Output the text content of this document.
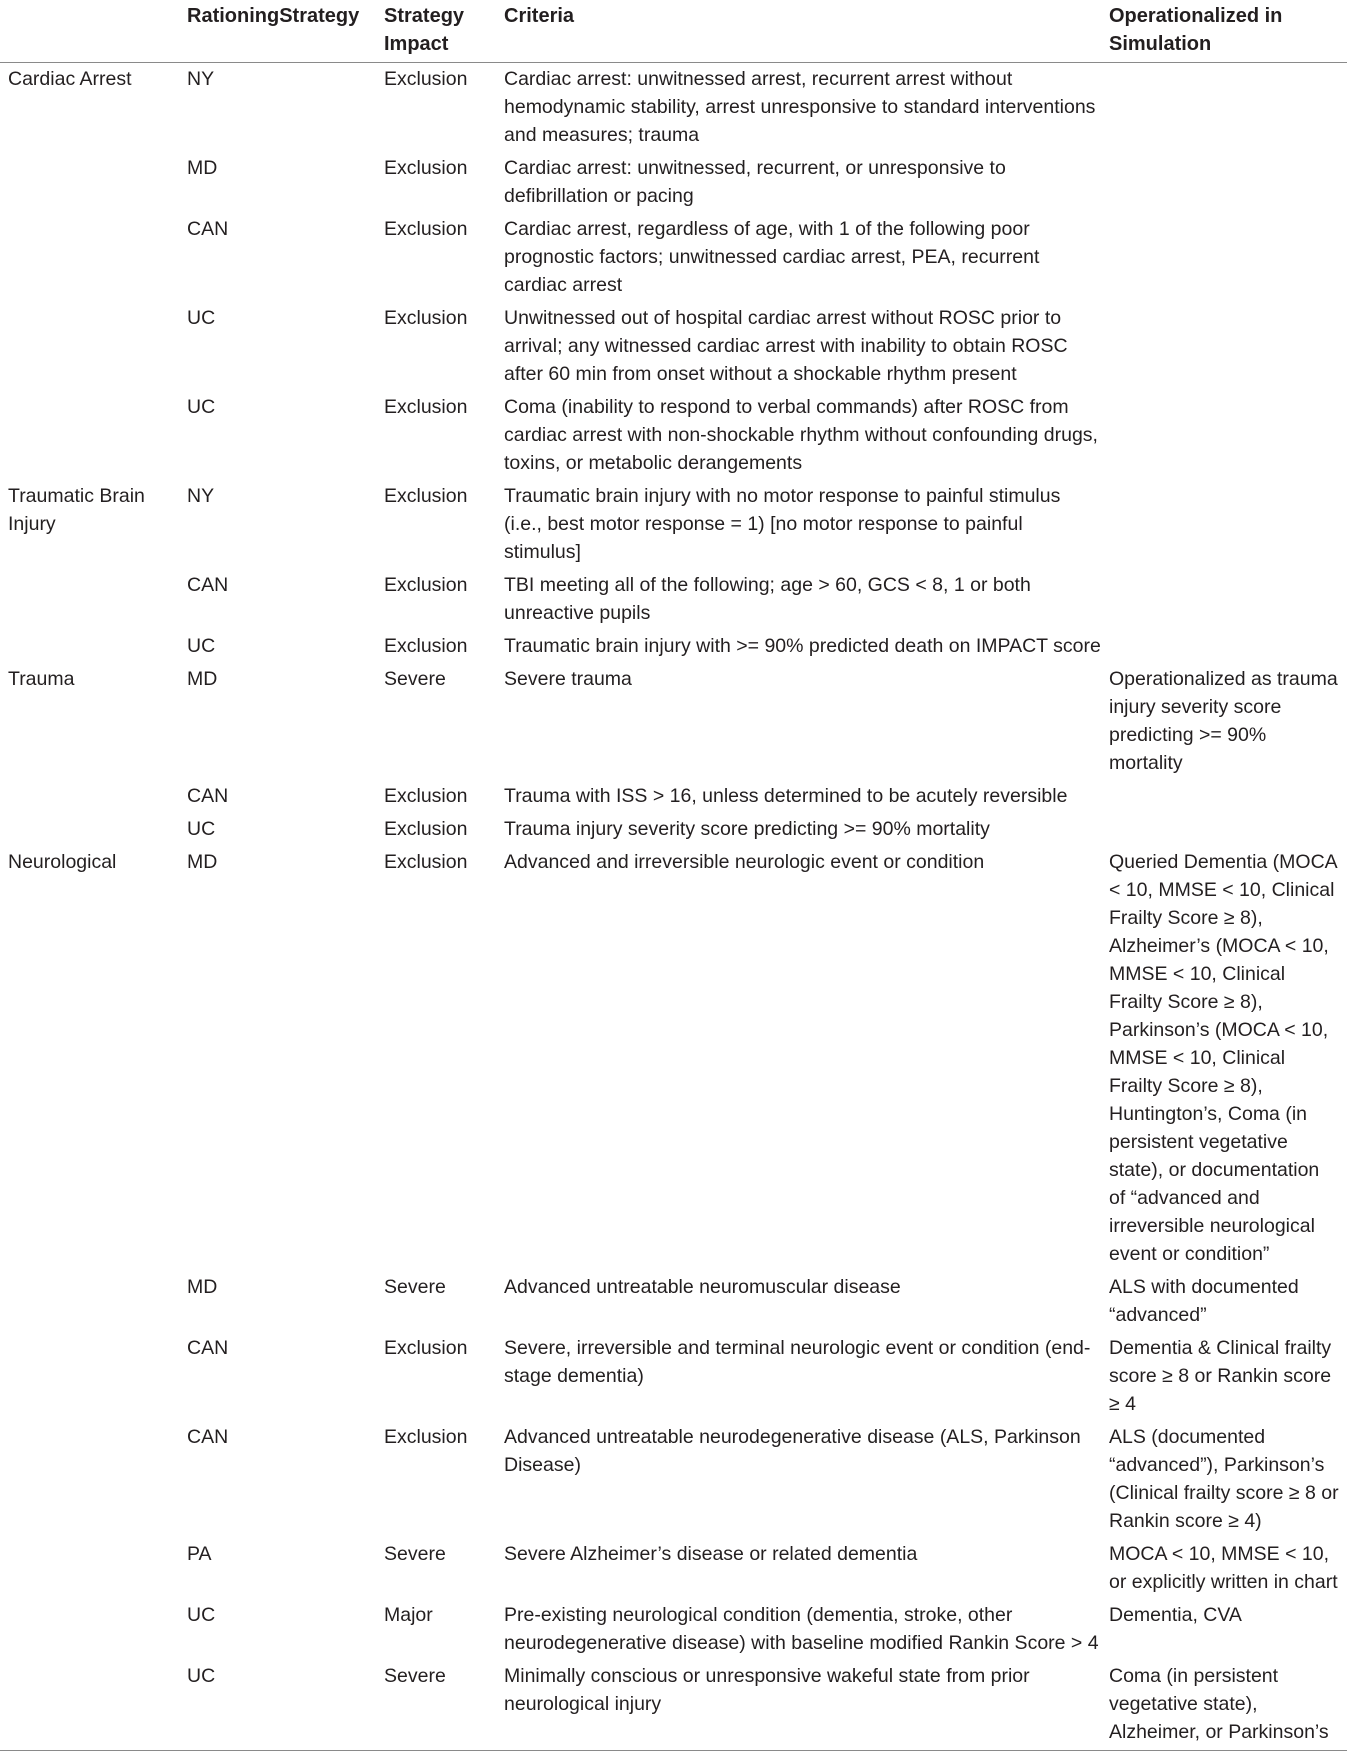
	RationingStrategy	Strategy Impact	Criteria	Operationalized in Simulation
Cardiac Arrest	NY	Exclusion	Cardiac arrest: unwitnessed arrest, recurrent arrest without hemodynamic stability, arrest unresponsive to standard interventions and measures; trauma	
	MD	Exclusion	Cardiac arrest: unwitnessed, recurrent, or unresponsive to defibrillation or pacing	
	CAN	Exclusion	Cardiac arrest, regardless of age, with 1 of the following poor prognostic factors; unwitnessed cardiac arrest, PEA, recurrent cardiac arrest	
	UC	Exclusion	Unwitnessed out of hospital cardiac arrest without ROSC prior to arrival; any witnessed cardiac arrest with inability to obtain ROSC after 60 min from onset without a shockable rhythm present	
	UC	Exclusion	Coma (inability to respond to verbal commands) after ROSC from cardiac arrest with non-shockable rhythm without confounding drugs, toxins, or metabolic derangements	
Traumatic Brain Injury	NY	Exclusion	Traumatic brain injury with no motor response to painful stimulus (i.e., best motor response = 1) [no motor response to painful stimulus]	
	CAN	Exclusion	TBI meeting all of the following; age > 60, GCS < 8, 1 or both unreactive pupils	
	UC	Exclusion	Traumatic brain injury with >= 90% predicted death on IMPACT score	
Trauma	MD	Severe	Severe trauma	Operationalized as trauma injury severity score predicting >= 90% mortality
	CAN	Exclusion	Trauma with ISS > 16, unless determined to be acutely reversible	
	UC	Exclusion	Trauma injury severity score predicting >= 90% mortality	
Neurological	MD	Exclusion	Advanced and irreversible neurologic event or condition	Queried Dementia (MOCA < 10, MMSE < 10, Clinical Frailty Score ≥ 8), Alzheimer’s (MOCA < 10, MMSE < 10, Clinical Frailty Score ≥ 8), Parkinson’s (MOCA < 10, MMSE < 10, Clinical Frailty Score ≥ 8), Huntington’s, Coma (in persistent vegetative state), or documentation of “advanced and irreversible neurological event or condition”
	MD	Severe	Advanced untreatable neuromuscular disease	ALS with documented “advanced”
	CAN	Exclusion	Severe, irreversible and terminal neurologic event or condition (end-stage dementia)	Dementia & Clinical frailty score ≥ 8 or Rankin score ≥ 4
	CAN	Exclusion	Advanced untreatable neurodegenerative disease (ALS, Parkinson Disease)	ALS (documented “advanced”), Parkinson’s (Clinical frailty score ≥ 8 or Rankin score ≥ 4)
	PA	Severe	Severe Alzheimer’s disease or related dementia	MOCA < 10, MMSE < 10, or explicitly written in chart
	UC	Major	Pre-existing neurological condition (dementia, stroke, other neurodegenerative disease) with baseline modified Rankin Score > 4	Dementia, CVA
	UC	Severe	Minimally conscious or unresponsive wakeful state from prior neurological injury	Coma (in persistent vegetative state), Alzheimer, or Parkinson’s
